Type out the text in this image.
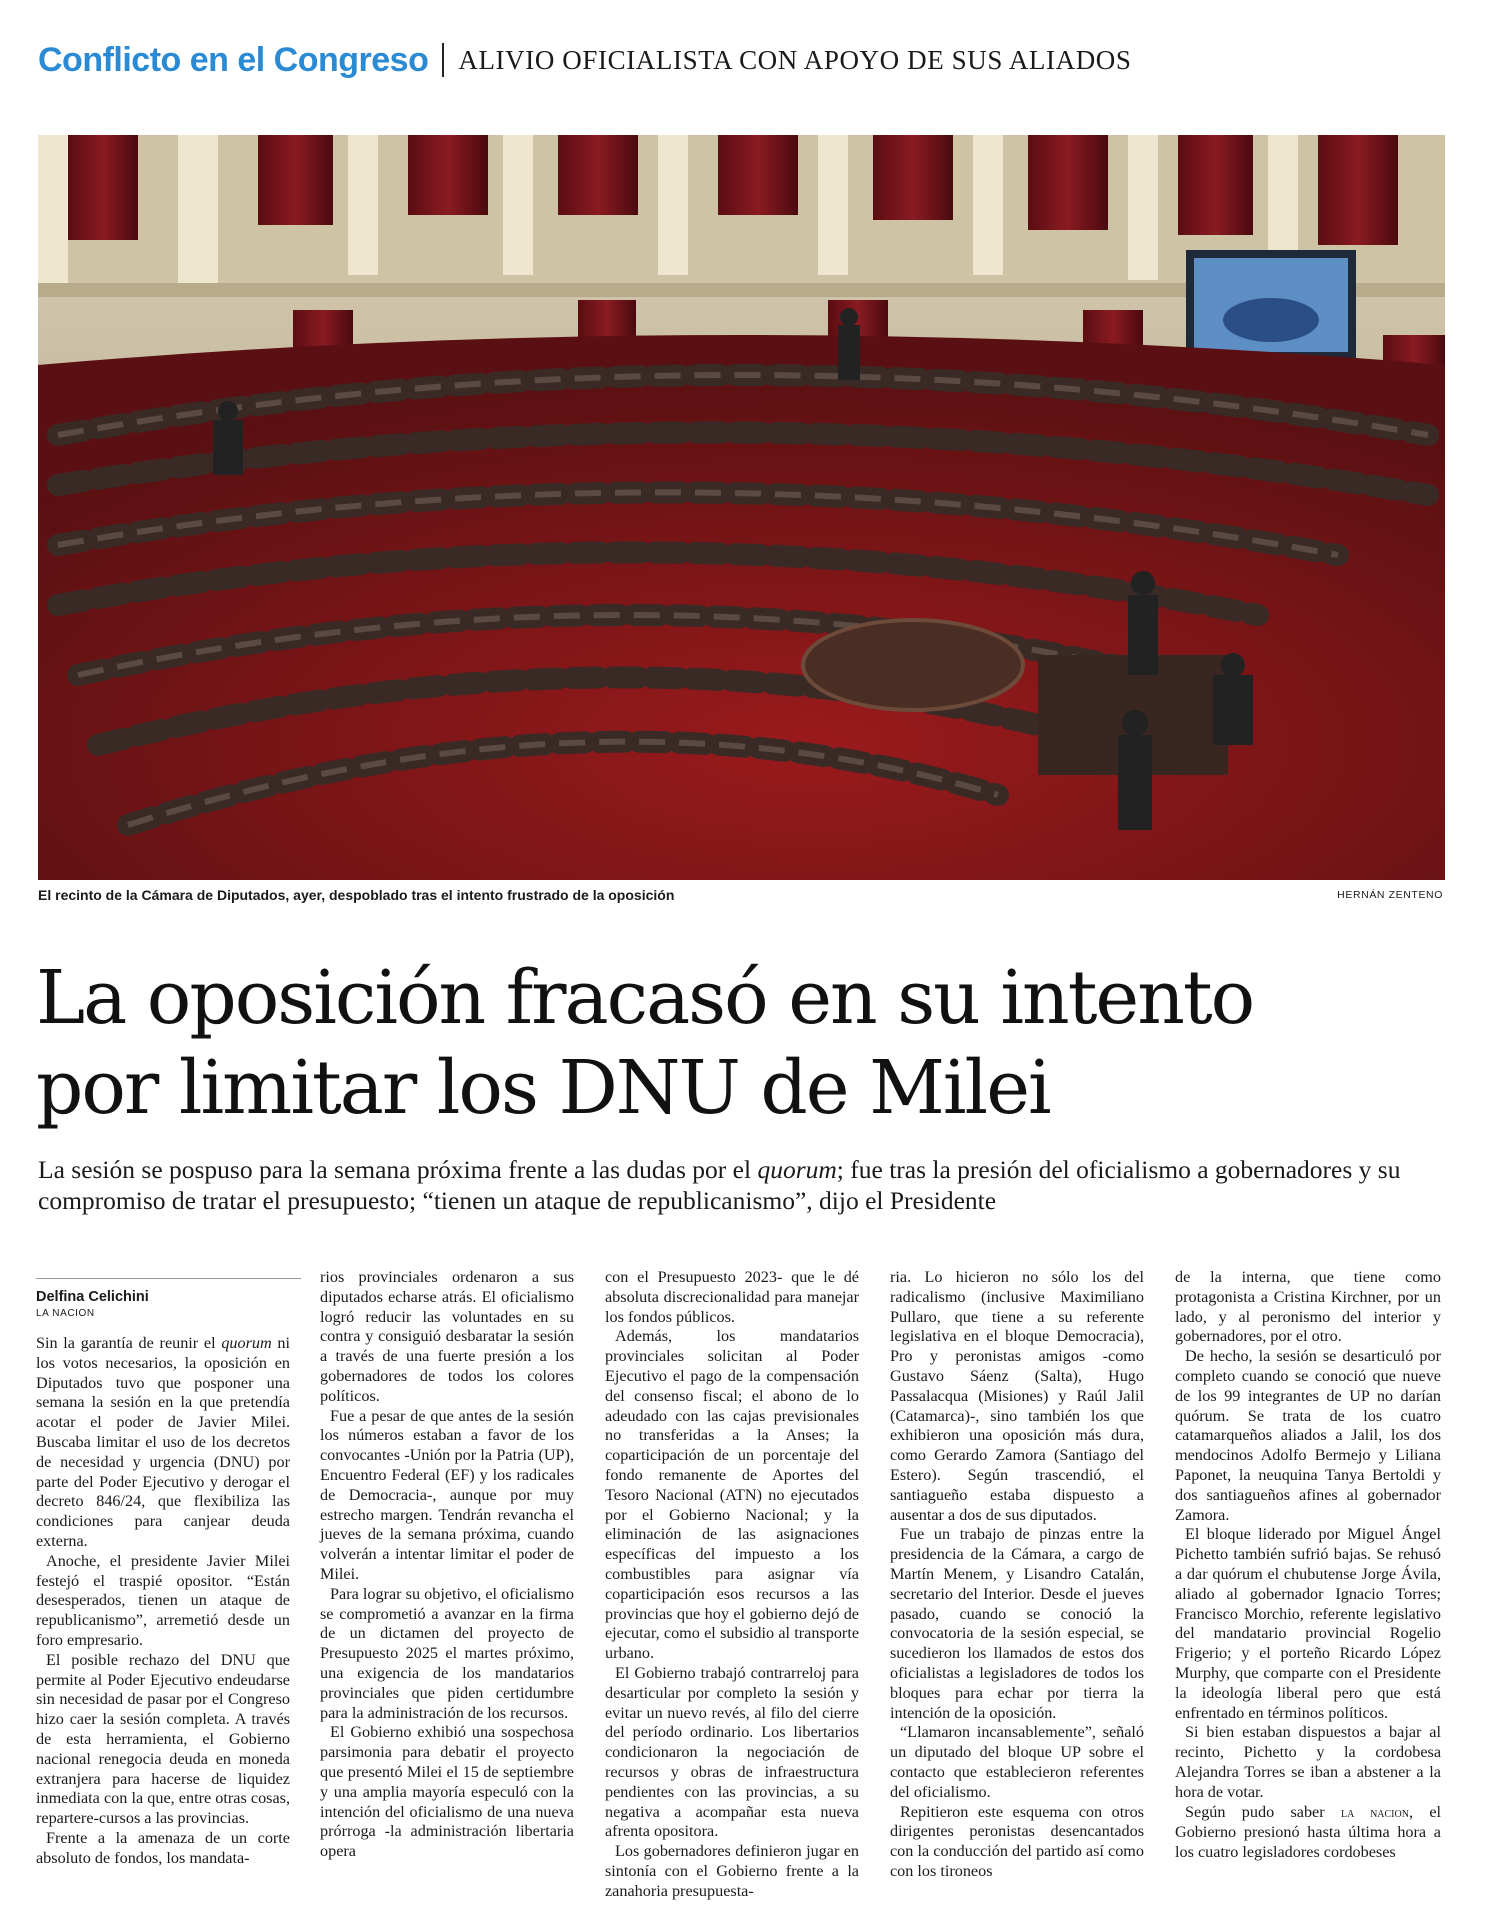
Conflicto en el Congreso ALIVIO OFICIALISTA CON APOYO DE SUS ALIADOS
El recinto de la Cámara de Diputados, ayer, despoblado tras el intento frustrado de la oposición	HERNÁN ZENTENO
La oposición fracasó en su intento
por limitar los DNU de Milei

La sesión se pospuso para la semana próxima frente a las dudas por el quorum; fue tras la presión del oficialismo a gobernadores y su compromiso de tratar el presupuesto; “tienen un ataque de republicanismo”, dijo el Presidente

Delfina Celichini
LA NACION

Sin la garantía de reunir el quorum ni los votos necesarios, la oposición en Diputados tuvo que posponer una semana la sesión en la que pretendía acotar el poder de Javier Milei. Buscaba limitar el uso de los decretos de necesidad y urgencia (DNU) por parte del Poder Ejecutivo y derogar el decreto 846/24, que flexibiliza las condiciones para canjear deuda externa.

Anoche, el presidente Javier Milei festejó el traspié opositor. “Están desesperados, tienen un ataque de republicanismo”, arremetió desde un foro empresario.

El posible rechazo del DNU que permite al Poder Ejecutivo endeudarse sin necesidad de pasar por el Congreso hizo caer la sesión completa. A través de esta herramienta, el Gobierno nacional renegocia deuda en moneda extranjera para hacerse de liquidez inmediata con la que, entre otras cosas, repartere-cursos a las provincias.

Frente a la amenaza de un corte absoluto de fondos, los mandata-

rios provinciales ordenaron a sus diputados echarse atrás. El oficialismo logró reducir las voluntades en su contra y consiguió desbaratar la sesión a través de una fuerte presión a los gobernadores de todos los colores políticos.

Fue a pesar de que antes de la sesión los números estaban a favor de los convocantes -Unión por la Patria (UP), Encuentro Federal (EF) y los radicales de Democracia-, aunque por muy estrecho margen. Tendrán revancha el jueves de la semana próxima, cuando volverán a intentar limitar el poder de Milei.

Para lograr su objetivo, el oficialismo se comprometió a avanzar en la firma de un dictamen del proyecto de Presupuesto 2025 el martes próximo, una exigencia de los mandatarios provinciales que piden certidumbre para la administración de los recursos.

El Gobierno exhibió una sospechosa parsimonia para debatir el proyecto que presentó Milei el 15 de septiembre y una amplia mayoría especuló con la intención del oficialismo de una nueva prórroga -la administración libertaria opera

con el Presupuesto 2023- que le dé absoluta discrecionalidad para manejar los fondos públicos.

Además, los mandatarios provinciales solicitan al Poder Ejecutivo el pago de la compensación del consenso fiscal; el abono de lo adeudado con las cajas previsionales no transferidas a la Anses; la coparticipación de un porcentaje del fondo remanente de Aportes del Tesoro Nacional (ATN) no ejecutados por el Gobierno Nacional; y la eliminación de las asignaciones específicas del impuesto a los combustibles para asignar vía coparticipación esos recursos a las provincias que hoy el gobierno dejó de ejecutar, como el subsidio al transporte urbano.

El Gobierno trabajó contrarreloj para desarticular por completo la sesión y evitar un nuevo revés, al filo del cierre del período ordinario. Los libertarios condicionaron la negociación de recursos y obras de infraestructura pendientes con las provincias, a su negativa a acompañar esta nueva afrenta opositora.

Los gobernadores definieron jugar en sintonía con el Gobierno frente a la zanahoria presupuesta-

ria. Lo hicieron no sólo los del radicalismo (inclusive Maximiliano Pullaro, que tiene a su referente legislativa en el bloque Democracia), Pro y peronistas amigos -como Gustavo Sáenz (Salta), Hugo Passalacqua (Misiones) y Raúl Jalil (Catamarca)-, sino también los que exhibieron una oposición más dura, como Gerardo Zamora (Santiago del Estero). Según trascendió, el santiagueño estaba dispuesto a ausentar a dos de sus diputados.

Fue un trabajo de pinzas entre la presidencia de la Cámara, a cargo de Martín Menem, y Lisandro Catalán, secretario del Interior. Desde el jueves pasado, cuando se conoció la convocatoria de la sesión especial, se sucedieron los llamados de estos dos oficialistas a legisladores de todos los bloques para echar por tierra la intención de la oposición.

“Llamaron incansablemente”, señaló un diputado del bloque UP sobre el contacto que establecieron referentes del oficialismo.

Repitieron este esquema con otros dirigentes peronistas desencantados con la conducción del partido así como con los tironeos

de la interna, que tiene como protagonista a Cristina Kirchner, por un lado, y al peronismo del interior y gobernadores, por el otro.

De hecho, la sesión se desarticuló por completo cuando se conoció que nueve de los 99 integrantes de UP no darían quórum. Se trata de los cuatro catamarqueños aliados a Jalil, los dos mendocinos Adolfo Bermejo y Liliana Paponet, la neuquina Tanya Bertoldi y dos santiagueños afines al gobernador Zamora.

El bloque liderado por Miguel Ángel Pichetto también sufrió bajas. Se rehusó a dar quórum el chubutense Jorge Ávila, aliado al gobernador Ignacio Torres; Francisco Morchio, referente legislativo del mandatario provincial Rogelio Frigerio; y el porteño Ricardo López Murphy, que comparte con el Presidente la ideología liberal pero que está enfrentado en términos políticos.

Si bien estaban dispuestos a bajar al recinto, Pichetto y la cordobesa Alejandra Torres se iban a abstener a la hora de votar.

Según pudo saber la nacion, el Gobierno presionó hasta última hora a los cuatro legisladores cordobeses
